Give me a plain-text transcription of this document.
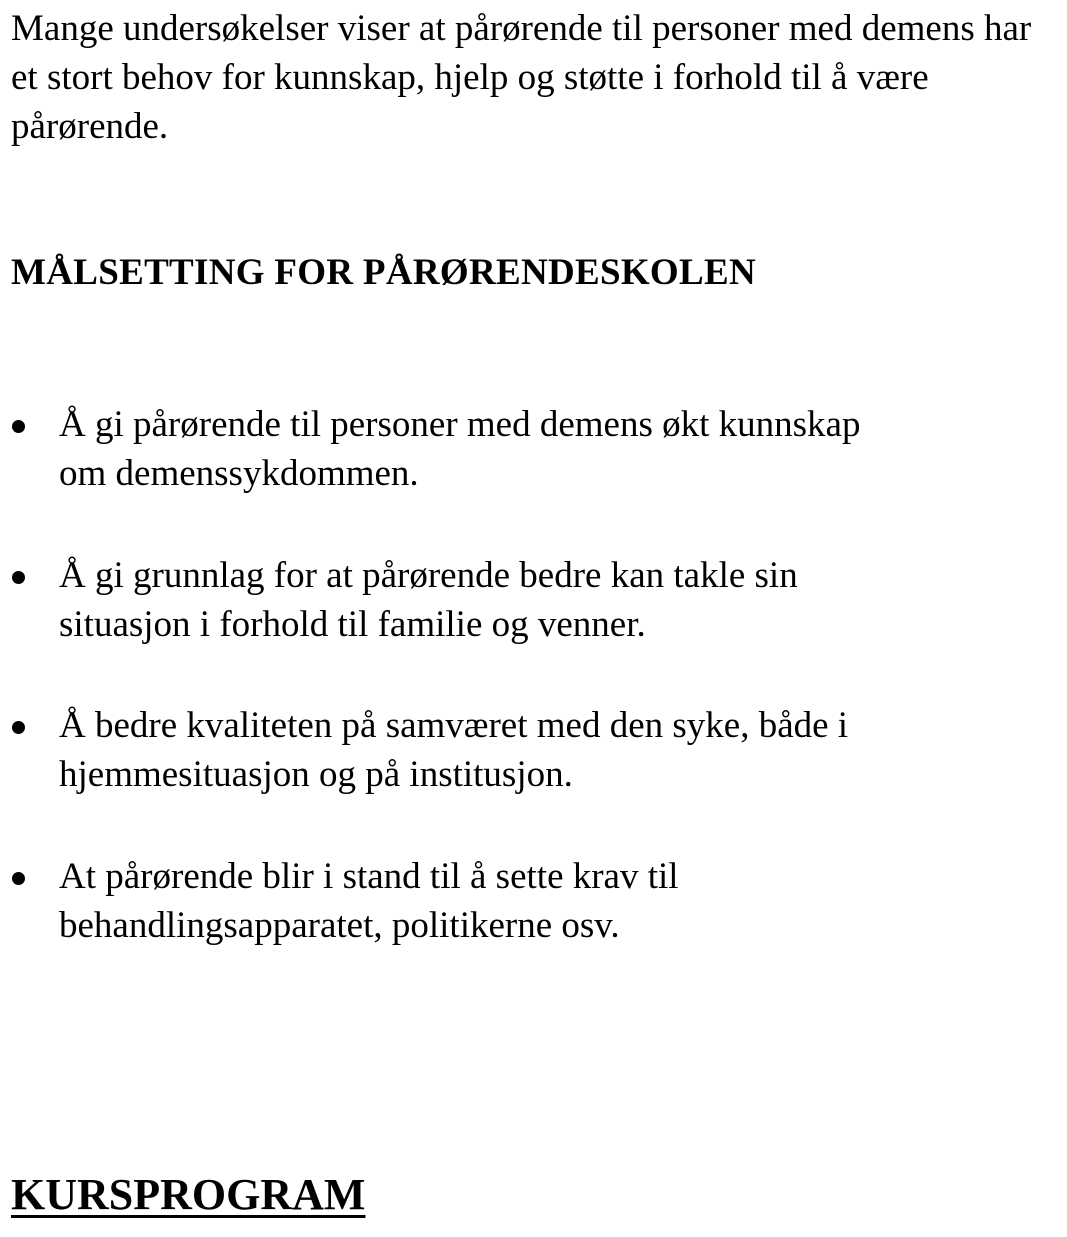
Mange undersøkelser viser at pårørende til personer med demens har et stort behov for kunnskap, hjelp og støtte i forhold til å være pårørende.

MÅLSETTING FOR PÅRØRENDESKOLEN
Å gi pårørende til personer med demens økt kunnskap
om demenssykdommen.
Å gi grunnlag for at pårørende bedre kan takle sin
situasjon i forhold til familie og venner.
Å bedre kvaliteten på samværet med den syke, både i
hjemmesituasjon og på institusjon.
At pårørende blir i stand til å sette krav til
behandlingsapparatet, politikerne osv.
KURSPROGRAM
